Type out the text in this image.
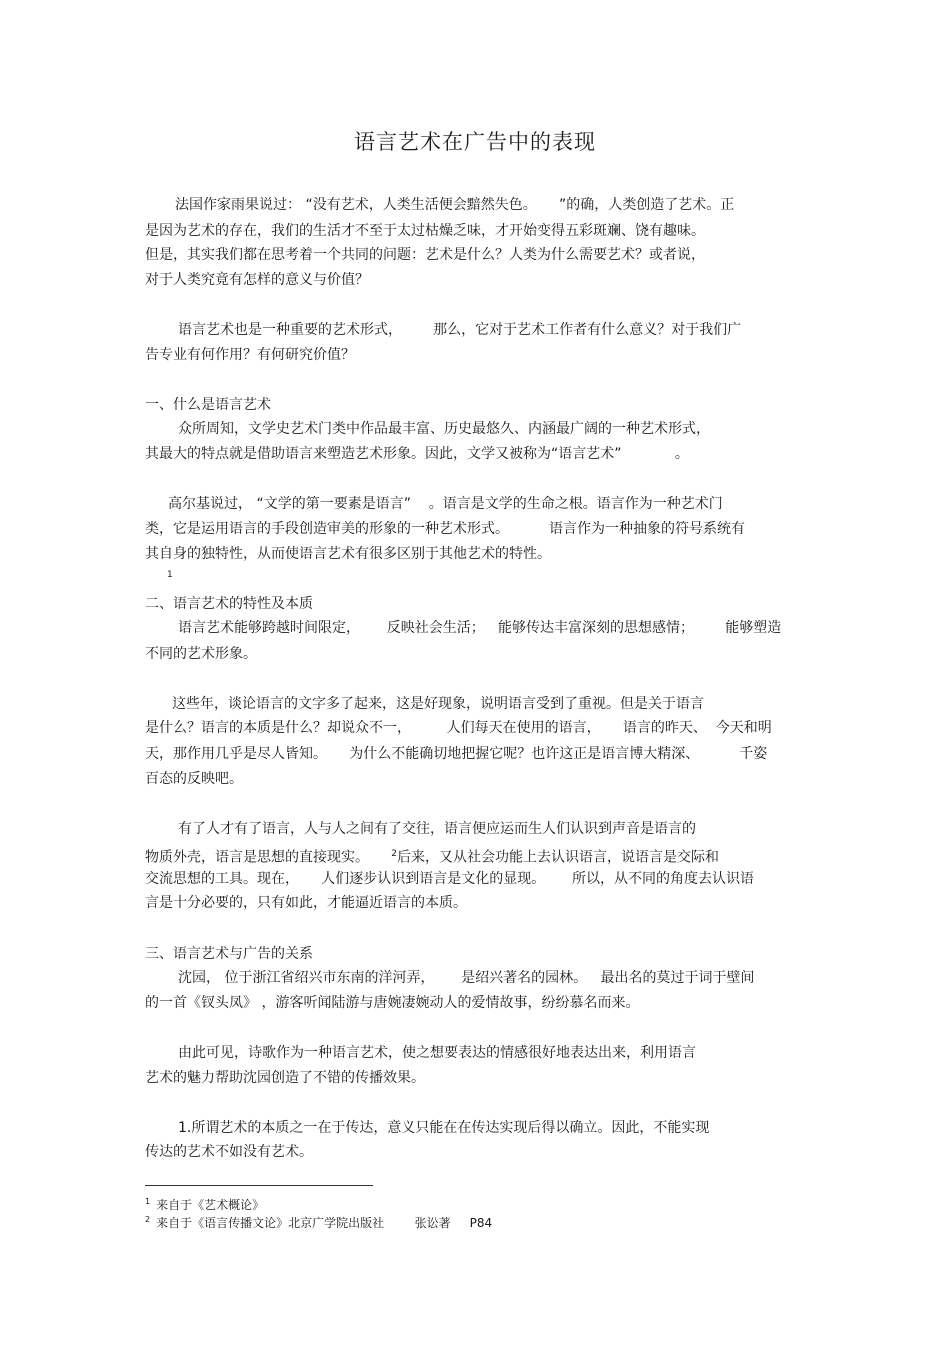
语言艺术在广告中的表现
法国作家雨果说过： “没有艺术，人类生活便会黯然失色。     ”的确，人类创造了艺术。正
是因为艺术的存在，我们的生活才不至于太过枯燥乏味，才开始变得五彩斑斓、饶有趣味。
但是，其实我们都在思考着一个共同的问题：艺术是什么？人类为什么需要艺术？或者说，
对于人类究竟有怎样的意义与价值？
语言艺术也是一种重要的艺术形式，       那么，它对于艺术工作者有什么意义？对于我们广
告专业有何作用？有何研究价值？
一、什么是语言艺术
众所周知，文学史艺术门类中作品最丰富、历史最悠久、内涵最广阔的一种艺术形式，
其最大的特点就是借助语言来塑造艺术形象。因此，文学又被称为“语言艺术”            。
高尔基说过， “文学的第一要素是语言”    。语言是文学的生命之根。语言作为一种艺术门
类，它是运用语言的手段创造审美的形象的一种艺术形式。         语言作为一种抽象的符号系统有
其自身的独特性，从而使语言艺术有很多区别于其他艺术的特性。
二、语言艺术的特性及本质
语言艺术能够跨越时间限定，      反映社会生活；   能够传达丰富深刻的思想感情；       能够塑造
不同的艺术形象。
这些年，谈论语言的文字多了起来，这是好现象，说明语言受到了重视。但是关于语言
是什么？语言的本质是什么？却说众不一，        人们每天在使用的语言，     语言的昨天、  今天和明
天，那作用几乎是尽人皆知。     为什么不能确切地把握它呢？也许这正是语言博大精深、         千姿
百态的反映吧。
有了人才有了语言，人与人之间有了交往，语言便应运而生人们认识到声音是语言的
交流思想的工具。现在，     人们逐步认识到语言是文化的显现。      所以，从不同的角度去认识语
言是十分必要的，只有如此，才能逼近语言的本质。
三、语言艺术与广告的关系
沈园， 位于浙江省绍兴市东南的洋河弄，      是绍兴著名的园林。   最出名的莫过于词于壁间
的一首《钗头凤》 ，游客听闻陆游与唐婉凄婉动人的爱情故事，纷纷慕名而来。
由此可见，诗歌作为一种语言艺术，使之想要表达的情感很好地表达出来，利用语言
艺术的魅力帮助沈园创造了不错的传播效果。
1.所谓艺术的本质之一在于传达，意义只能在在传达实现后得以确立。因此，不能实现
传达的艺术不如没有艺术。
物质外壳，语言是思想的直接现实。     $^2$后来，又从社会功能上去认识语言，说语言是交际和
1
$^1$ 来自于《艺术概论》
$^2$ 来自于《语言传播文论》北京广学院出版社        张讼著     P84
